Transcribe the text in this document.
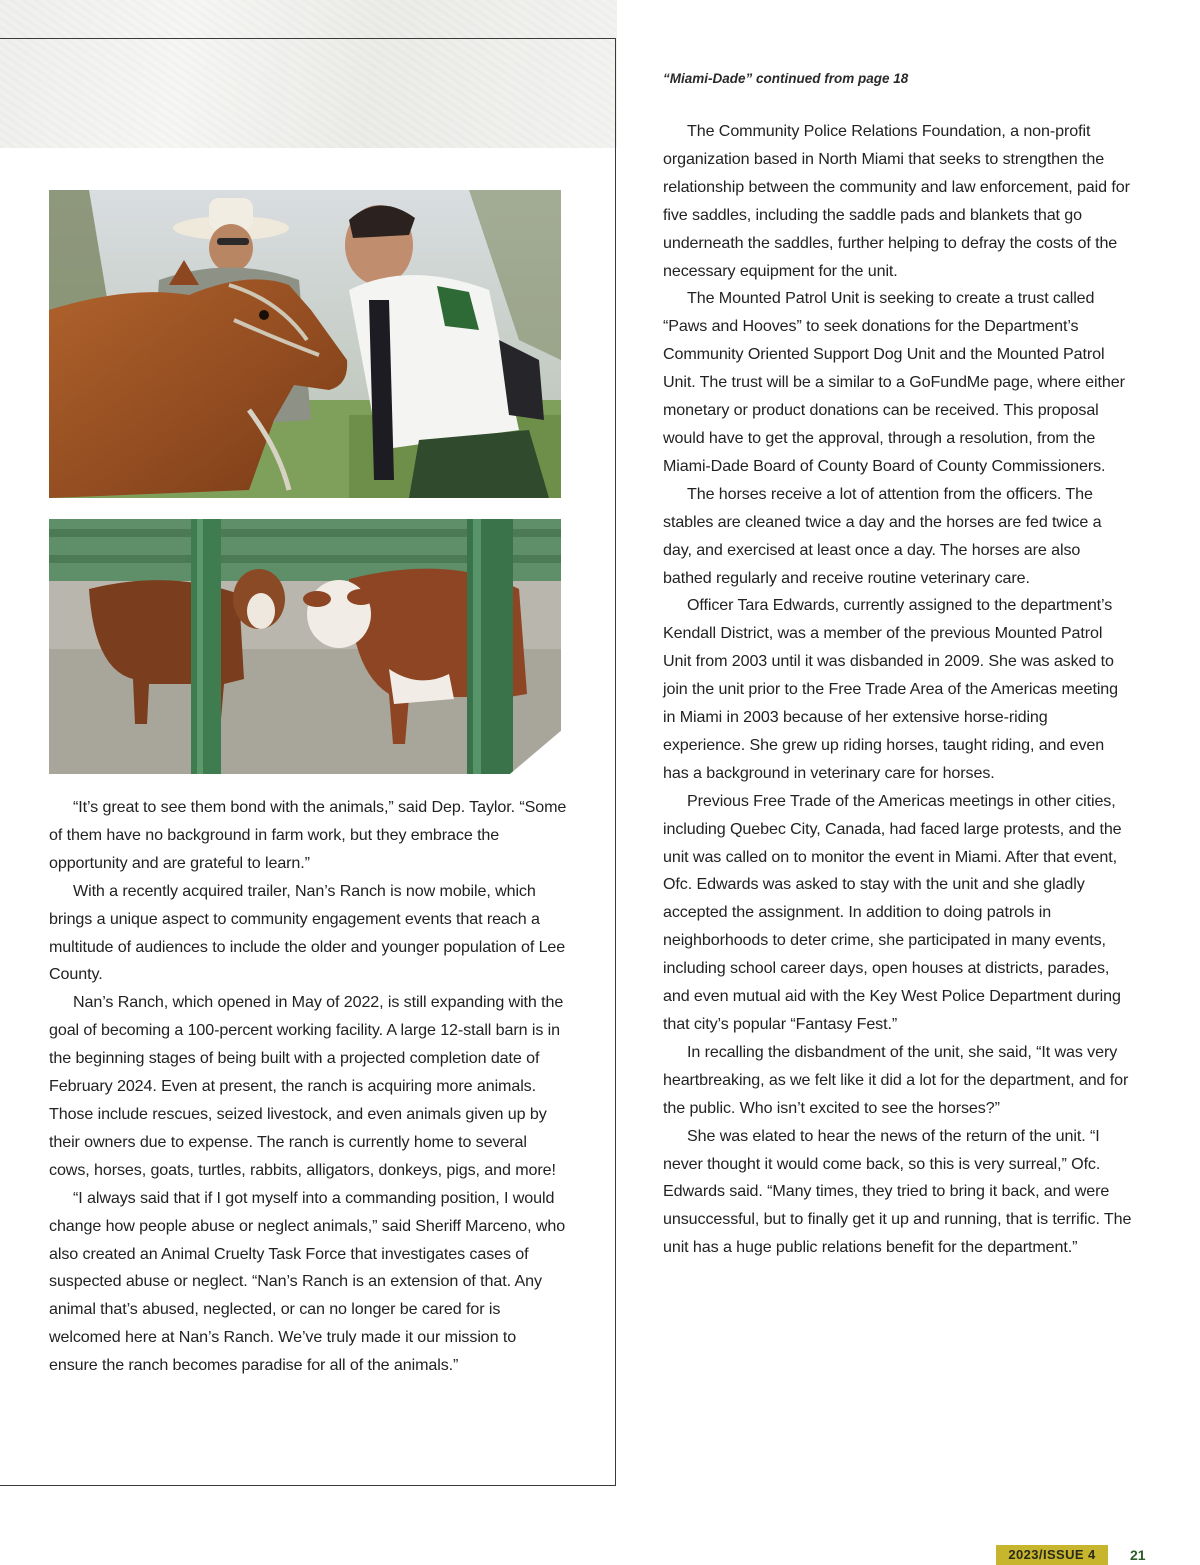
“Miami-Dade” continued from page 18

“It’s great to see them bond with the animals,” said Dep. Taylor. “Some of them have no background in farm work, but they embrace the opportunity and are grateful to learn.”

With a recently acquired trailer, Nan’s Ranch is now mobile, which brings a unique aspect to community engagement events that reach a multitude of audiences to include the older and younger population of Lee County.

Nan’s Ranch, which opened in May of 2022, is still expanding with the goal of becoming a 100-percent working facility. A large 12-stall barn is in the beginning stages of being built with a projected completion date of February 2024. Even at present, the ranch is acquiring more animals. Those include rescues, seized livestock, and even animals given up by their owners due to expense. The ranch is currently home to several cows, horses, goats, turtles, rabbits, alligators, donkeys, pigs, and more!

“I always said that if I got myself into a commanding position, I would change how people abuse or neglect animals,” said Sheriff Marceno, who also created an Animal Cruelty Task Force that investigates cases of suspected abuse or neglect. “Nan’s Ranch is an extension of that. Any animal that’s abused, neglected, or can no longer be cared for is welcomed here at Nan’s Ranch. We’ve truly made it our mission to ensure the ranch becomes paradise for all of the animals.”

The Community Police Relations Foundation, a non-profit organization based in North Miami that seeks to strengthen the relationship between the community and law enforcement, paid for five saddles, including the saddle pads and blankets that go underneath the saddles, further helping to defray the costs of the necessary equipment for the unit.

The Mounted Patrol Unit is seeking to create a trust called “Paws and Hooves” to seek donations for the Department’s Community Oriented Support Dog Unit and the Mounted Patrol Unit. The trust will be a similar to a GoFundMe page, where either monetary or product donations can be received. This proposal would have to get the approval, through a resolution, from the Miami-Dade Board of County Board of County Commissioners.

The horses receive a lot of attention from the officers. The stables are cleaned twice a day and the horses are fed twice a day, and exercised at least once a day. The horses are also bathed regularly and receive routine veterinary care.

Officer Tara Edwards, currently assigned to the department’s Kendall District, was a member of the previous Mounted Patrol Unit from 2003 until it was disbanded in 2009. She was asked to join the unit prior to the Free Trade Area of the Americas meeting in Miami in 2003 because of her extensive horse-riding experience. She grew up riding horses, taught riding, and even has a background in veterinary care for horses.

Previous Free Trade of the Americas meetings in other cities, including Quebec City, Canada, had faced large protests, and the unit was called on to monitor the event in Miami. After that event, Ofc. Edwards was asked to stay with the unit and she gladly accepted the assignment. In addition to doing patrols in neighborhoods to deter crime, she participated in many events, including school career days, open houses at districts, parades, and even mutual aid with the Key West Police Department during that city’s popular “Fantasy Fest.”

In recalling the disbandment of the unit, she said, “It was very heartbreaking, as we felt like it did a lot for the department, and for the public. Who isn’t excited to see the horses?”

She was elated to hear the news of the return of the unit. “I never thought it would come back, so this is very surreal,” Ofc. Edwards said. “Many times, they tried to bring it back, and were unsuccessful, but to finally get it up and running, that is terrific. The unit has a huge public relations benefit for the department.”

2023/ISSUE 4	21
